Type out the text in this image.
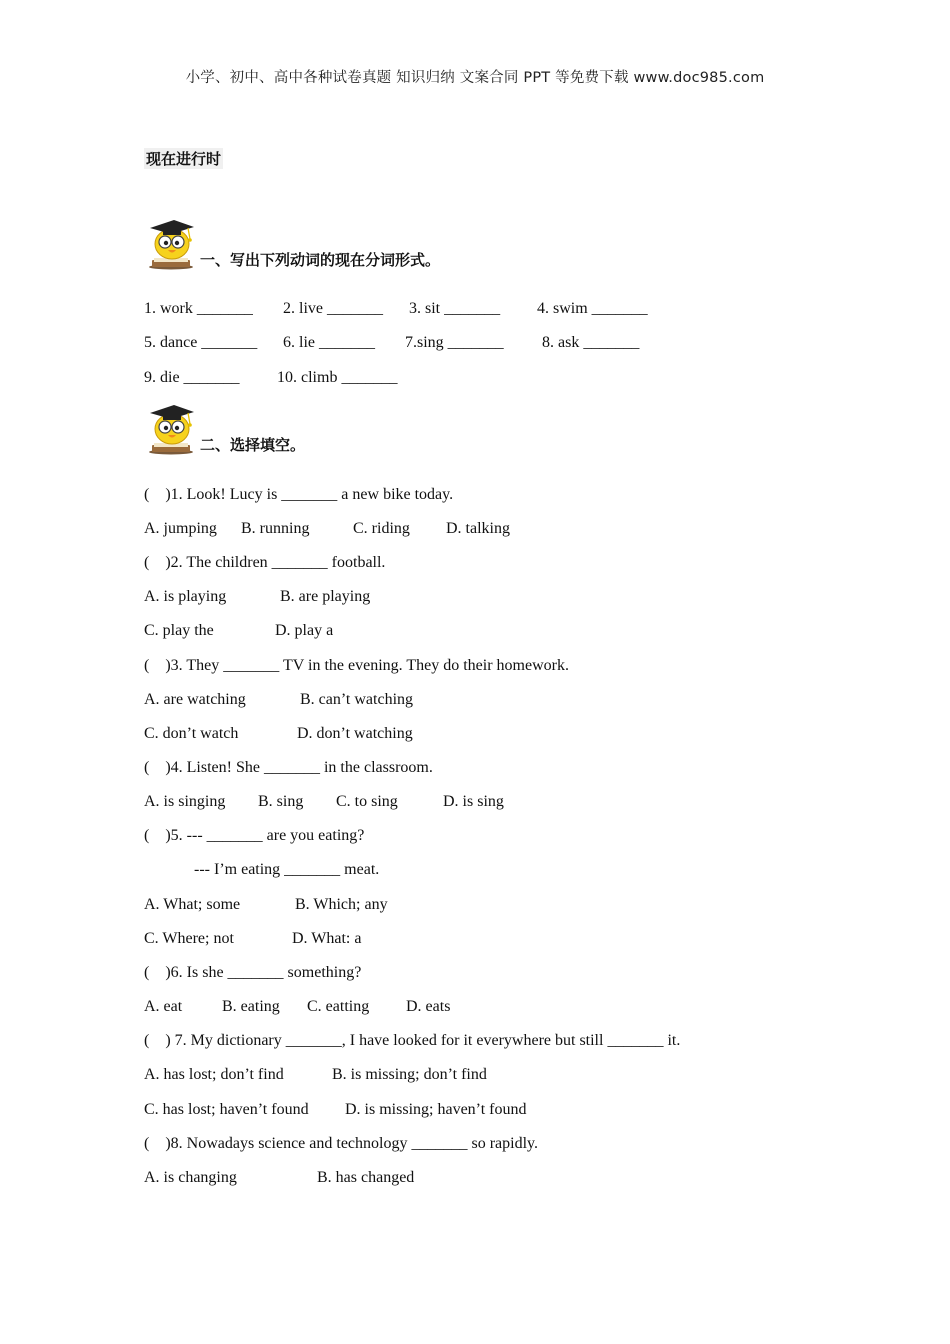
小学、初中、高中各种试卷真题 知识归纳 文案合同 PPT 等免费下载 www.doc985.com
现在进行时
一、写出下列动词的现在分词形式。

1. work _______

2. live _______

3. sit _______

4. swim _______

5. dance _______

6. lie _______

7.sing _______

8. ask _______

9. die _______

10. climb _______

二、选择填空。
(    )1. Look! Lucy is _______ a new bike today.

A. jumping

B. running

	C. riding

D. talking

(    )2. The children _______ football.

A. is playing

	B. are playing

C. play the

	D. play a

(    )3. They _______ TV in the evening. They do their homework.

A. are watching

	B. can’t watching

C. don’t watch

	D. don’t watching

(    )4. Listen! She _______ in the classroom.

A. is singing

B. sing

C. to sing

	D. is sing

(    )5. --- _______ are you eating?
--- I’m eating _______ meat.

A. What; some

	B. Which; any

C. Where; not

	D. What: a

(    )6. Is she _______ something?

A. eat

B. eating

C. eatting

D. eats

(    ) 7. My dictionary _______, I have looked for it everywhere but still _______ it.

A. has lost; don’t find

	B. is missing; don’t find

C. has lost; haven’t found

D. is missing; haven’t found

(    )8. Nowadays science and technology _______ so rapidly.

A. is changing

	B. has changed
